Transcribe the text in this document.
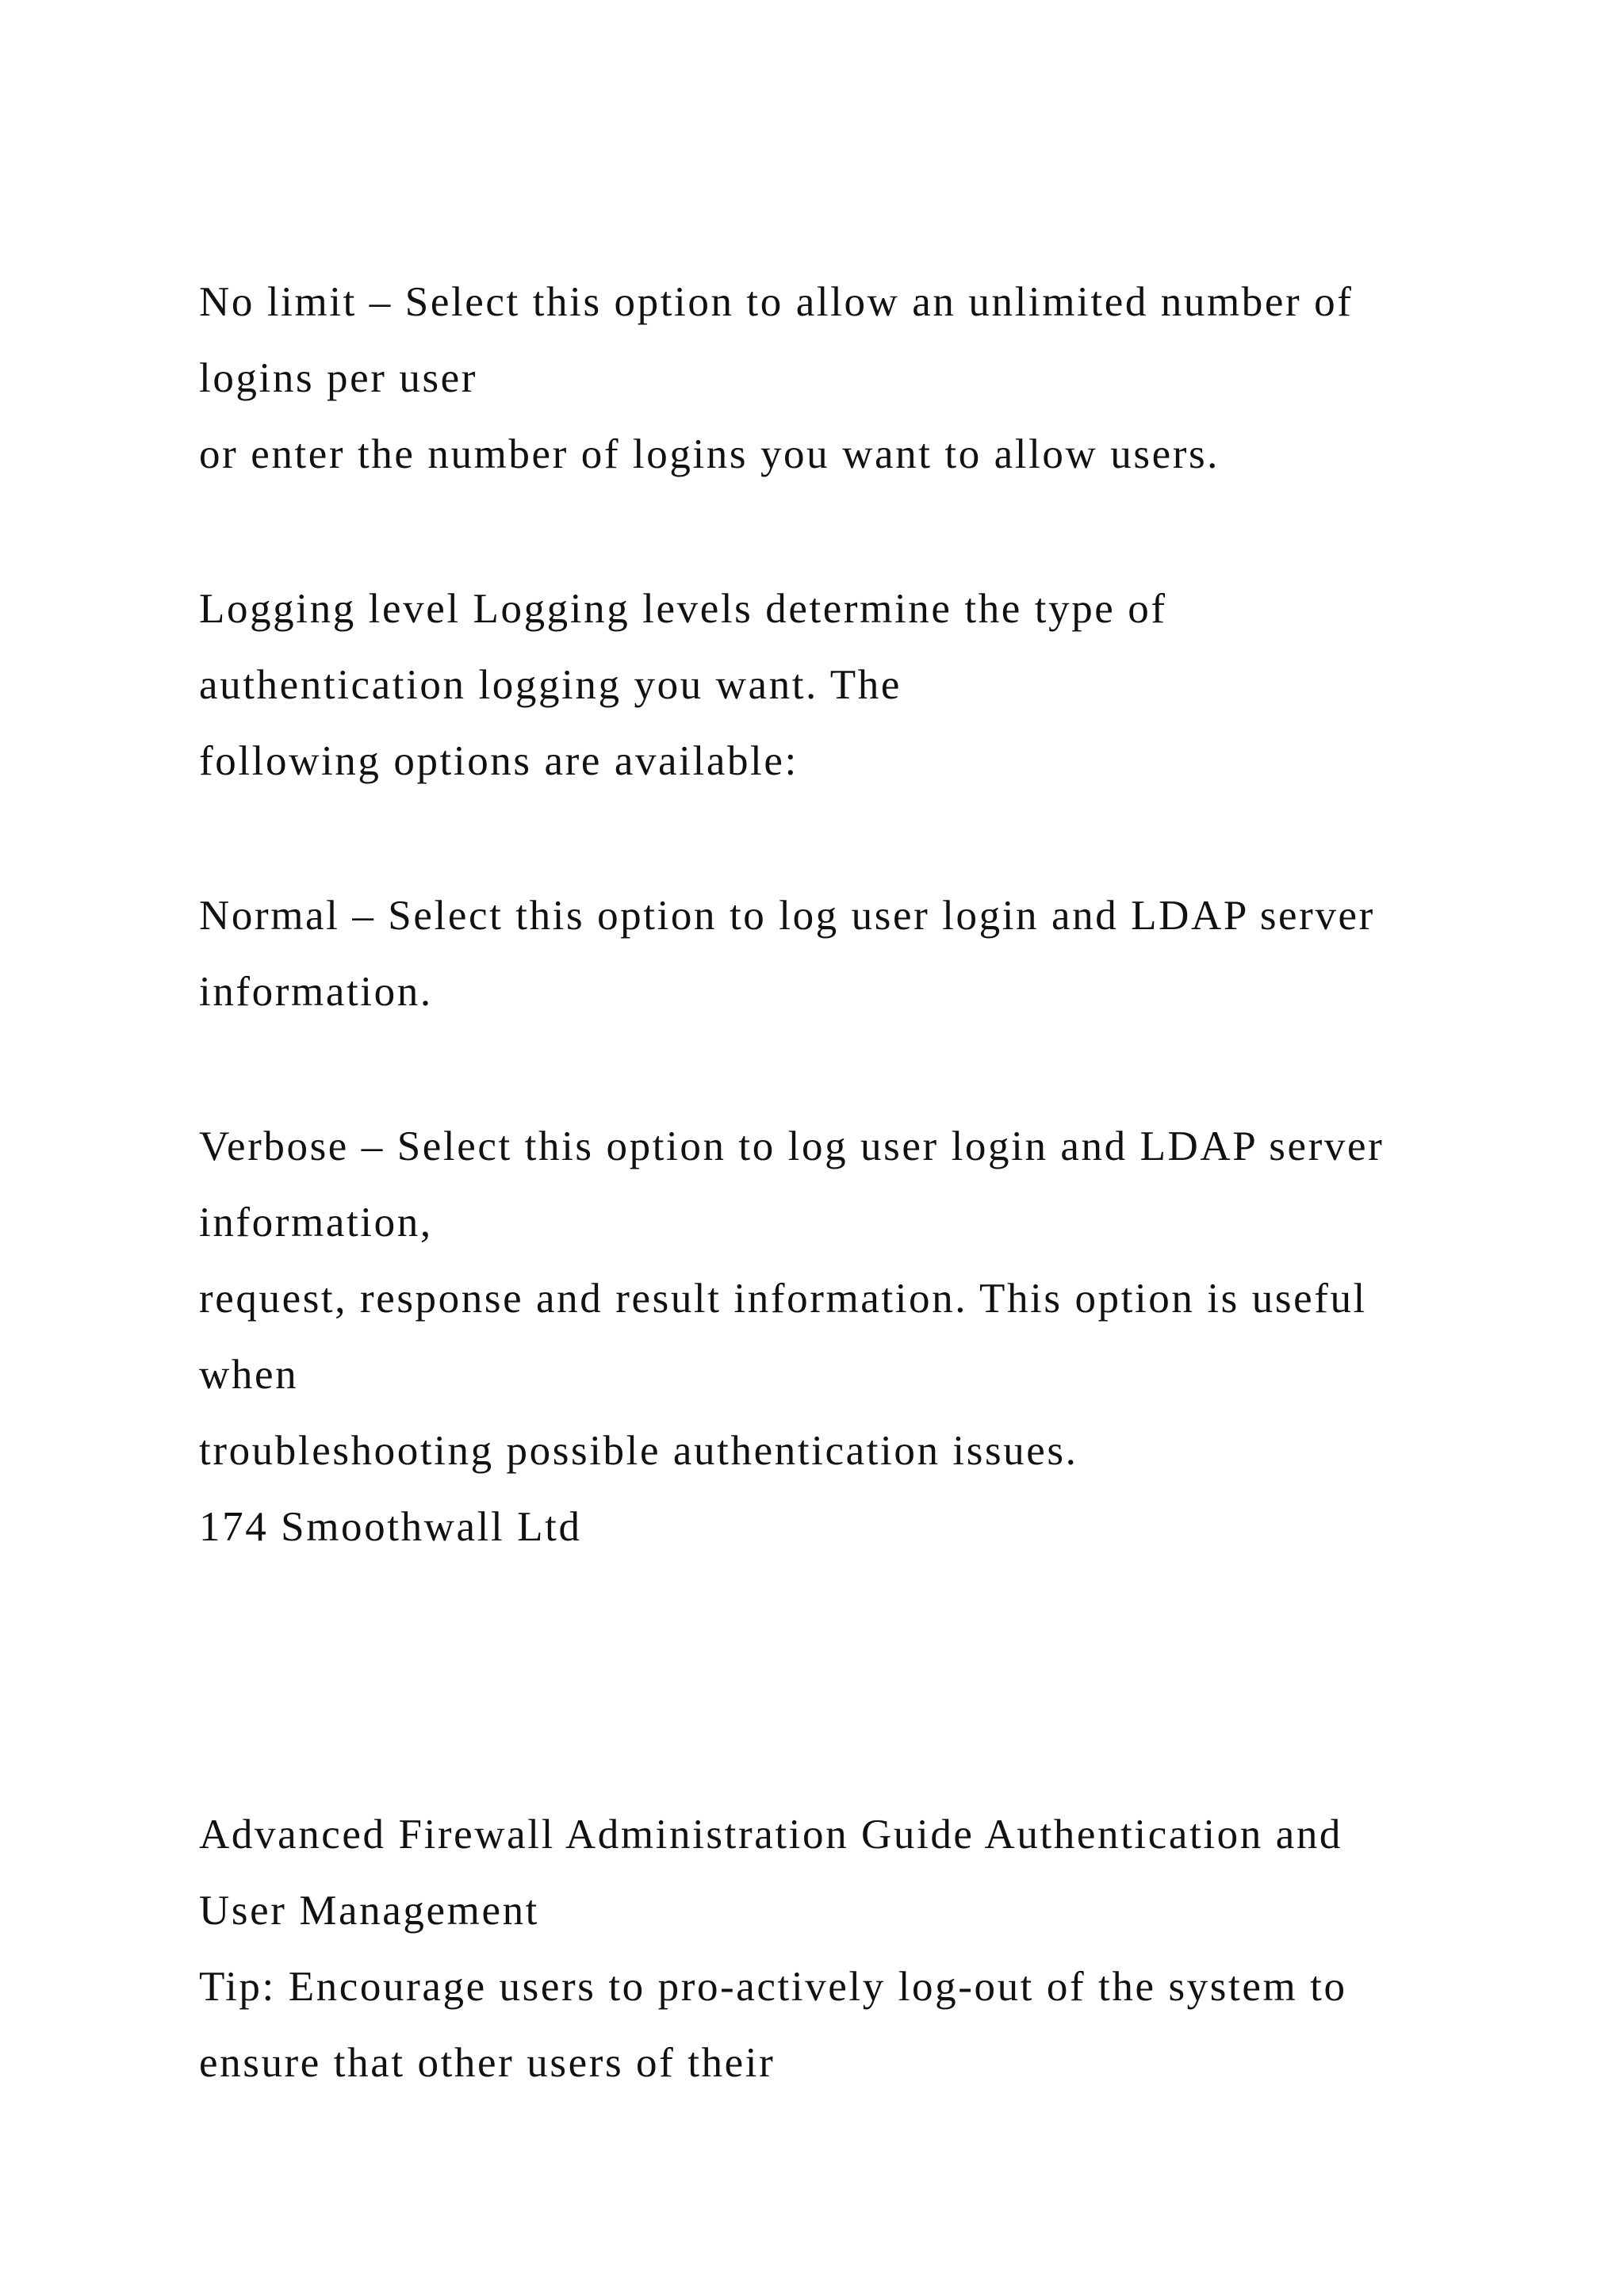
No limit – Select this option to allow an unlimited number of
logins per user
or enter the number of logins you want to allow users.
Logging level Logging levels determine the type of
authentication logging you want. The
following options are available:
Normal – Select this option to log user login and LDAP server
information.
Verbose – Select this option to log user login and LDAP server
information,
request, response and result information. This option is useful
when
troubleshooting possible authentication issues.
174 Smoothwall Ltd
Advanced Firewall Administration Guide Authentication and
User Management
Tip: Encourage users to pro-actively log-out of the system to
ensure that other users of their
